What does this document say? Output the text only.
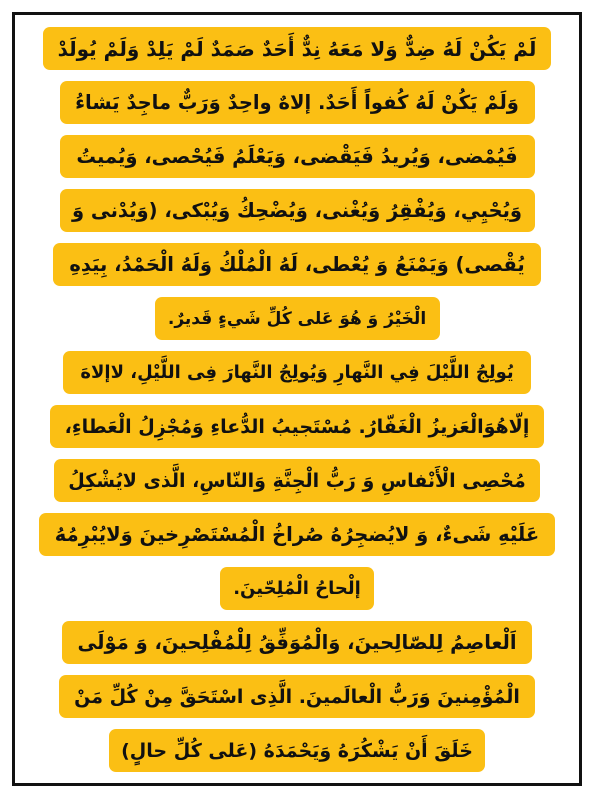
لَمْ يَكُنْ لَهُ ضِدٌّ وَلا مَعَهُ نِدٌّ أَحَدٌ صَمَدٌ لَمْ يَلِدْ وَلَمْ يُولَدْ
وَلَمْ يَكُنْ لَهُ كُفواً أَحَدٌ. إلاهٌ واحِدٌ وَرَبٌّ ماجِدٌ يَشاءُ
فَيُمْضى، وَيُريدُ فَيَقْضى، وَيَعْلَمُ فَيُحْصى، وَيُميتُ
وَيُحْيِي، وَيُفْقِرُ وَيُغْنى، وَيُضْحِكُ وَيُبْكى، (وَيُدْنى وَ
يُقْصى) وَيَمْنَعُ وَ يُعْطى، لَهُ الْمُلْكُ وَلَهُ الْحَمْدُ، بِيَدِهِ
الْخَيْرُ وَ هُوَ عَلى كُلِّ شَيءٍ قَديرٌ.
يُولِجُ اللَّيْلَ فِي النَّهارِ وَيُولِجُ النَّهارَ فِى اللَّيْلِ، لاإلاهَ
إلّاهُوَالْعَزيزُ الْغَفّارُ. مُسْتَجيبُ الدُّعاءِ وَمُجْزِلُ الْعَطاءِ،
مُحْصِى الْأَنْفاسِ وَ رَبُّ الْجِنَّةِ وَالنّاسِ، الَّذى لايُشْكِلُ
عَلَيْهِ شَىءٌ، وَ لايُضجِرُهُ صُراخُ الْمُسْتَصْرِخينَ وَلايُبْرِمُهُ
إلْحاحُ الْمُلِحّينَ.
اَلْعاصِمُ لِلصّالِحينَ، وَالْمُوَفِّقُ لِلْمُفْلِحينَ، وَ مَوْلَى
الْمُؤْمِنينَ وَرَبُّ الْعالَمينَ. الَّذِى اسْتَحَقَّ مِنْ كُلِّ مَنْ
خَلَقَ أَنْ يَشْكُرَهُ وَيَحْمَدَهُ (عَلى كُلِّ حالٍ)
